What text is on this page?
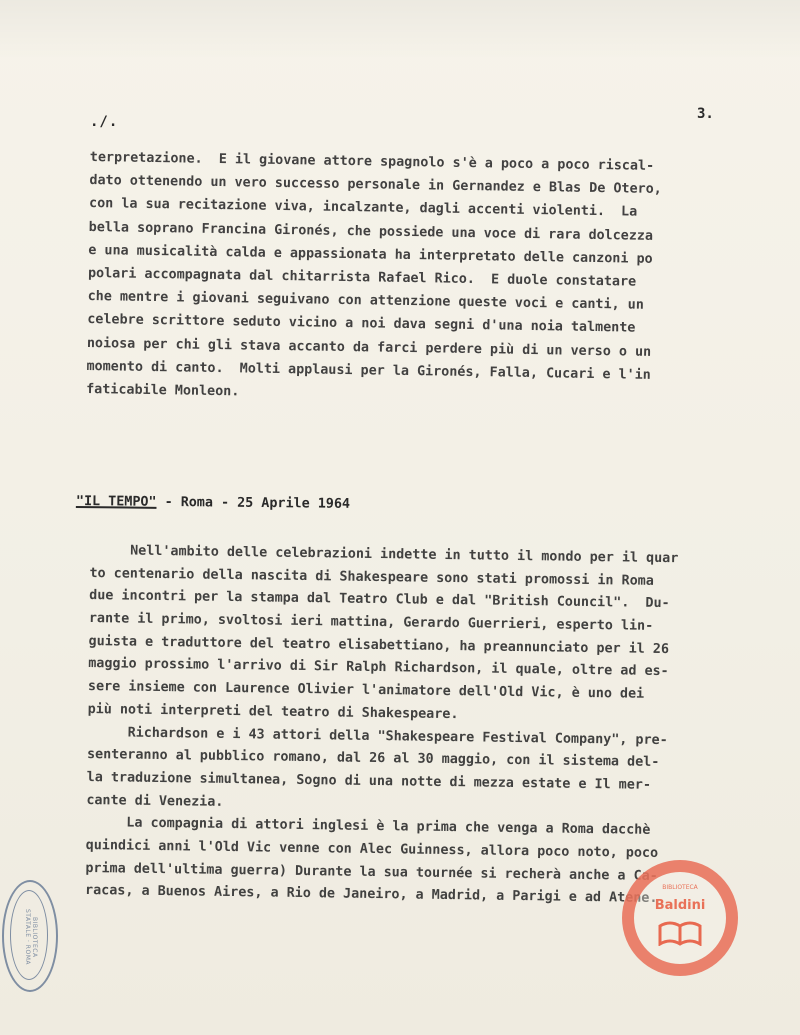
./.	3.
terpretazione.  E il giovane attore spagnolo s'è a poco a poco riscal-
dato ottenendo un vero successo personale in Gernandez e Blas De Otero,
con la sua recitazione viva, incalzante, dagli accenti violenti.  La
bella soprano Francina Gironés, che possiede una voce di rara dolcezza
e una musicalità calda e appassionata ha interpretato delle canzoni po
polari accompagnata dal chitarrista Rafael Rico.  E duole constatare
che mentre i giovani seguivano con attenzione queste voci e canti, un
celebre scrittore seduto vicino a noi dava segni d'una noia talmente
noiosa per chi gli stava accanto da farci perdere più di un verso o un
momento di canto.  Molti applausi per la Gironés, Falla, Cucari e l'in
faticabile Monleon.
"IL TEMPO" - Roma - 25 Aprile 1964
Nell'ambito delle celebrazioni indette in tutto il mondo per il quar
to centenario della nascita di Shakespeare sono stati promossi in Roma
due incontri per la stampa dal Teatro Club e dal "British Council".  Du-
rante il primo, svoltosi ieri mattina, Gerardo Guerrieri, esperto lin-
guista e traduttore del teatro elisabettiano, ha preannunciato per il 26
maggio prossimo l'arrivo di Sir Ralph Richardson, il quale, oltre ad es-
sere insieme con Laurence Olivier l'animatore dell'Old Vic, è uno dei
più noti interpreti del teatro di Shakespeare.
Richardson e i 43 attori della "Shakespeare Festival Company", pre-
senteranno al pubblico romano, dal 26 al 30 maggio, con il sistema del-
la traduzione simultanea, Sogno di una notte di mezza estate e Il mer-
cante di Venezia.
La compagnia di attori inglesi è la prima che venga a Roma dacchè
quindici anni l'Old Vic venne con Alec Guinness, allora poco noto, poco
prima dell'ultima guerra) Durante la sua tournée si recherà anche a Ca-
racas, a Buenos Aires, a Rio de Janeiro, a Madrid, a Parigi e ad Atene.
BIBLIOTECA STATALE · ROMA
BIBLIOTECA
Baldini
